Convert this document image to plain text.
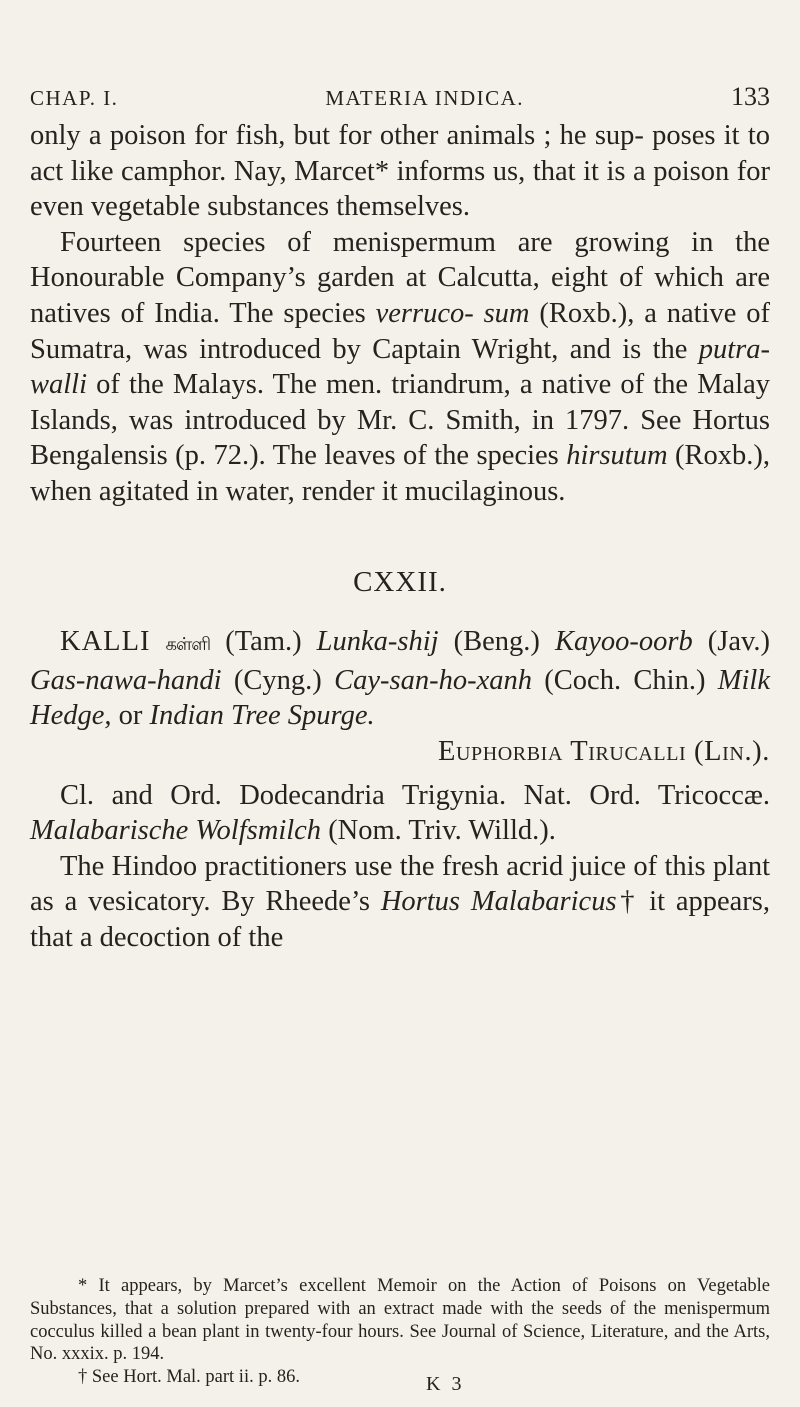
CHAP. I.	MATERIA INDICA.	133

only a poison for fish, but for other animals ; he sup- poses it to act like camphor. Nay, Marcet* informs us, that it is a poison for even vegetable substances themselves.

Fourteen species of menispermum are growing in the Honourable Company’s garden at Calcutta, eight of which are natives of India. The species verruco- sum (Roxb.), a native of Sumatra, was introduced by Captain Wright, and is the putra-walli of the Malays. The men. triandrum, a native of the Malay Islands, was introduced by Mr. C. Smith, in 1797. See Hortus Bengalensis (p. 72.). The leaves of the species hirsutum (Roxb.), when agitated in water, render it mucilaginous.

CXXII.

KALLI கள்ளி (Tam.) Lunka-shij (Beng.) Kayoo-oorb (Jav.) Gas-nawa-handi (Cyng.) Cay-san-ho-xanh (Coch. Chin.) Milk Hedge, or Indian Tree Spurge.

Euphorbia Tirucalli (Lin.).

Cl. and Ord. Dodecandria Trigynia. Nat. Ord. Tricoccæ. Malabarische Wolfsmilch (Nom. Triv. Willd.).

The Hindoo practitioners use the fresh acrid juice of this plant as a vesicatory. By Rheede’s Hortus Malabaricus† it appears, that a decoction of the

* It appears, by Marcet’s excellent Memoir on the Action of Poisons on Vegetable Substances, that a solution prepared with an extract made with the seeds of the menispermum cocculus killed a bean plant in twenty-four hours. See Journal of Science, Literature, and the Arts, No. xxxix. p. 194.

† See Hort. Mal. part ii. p. 86.	K 3
